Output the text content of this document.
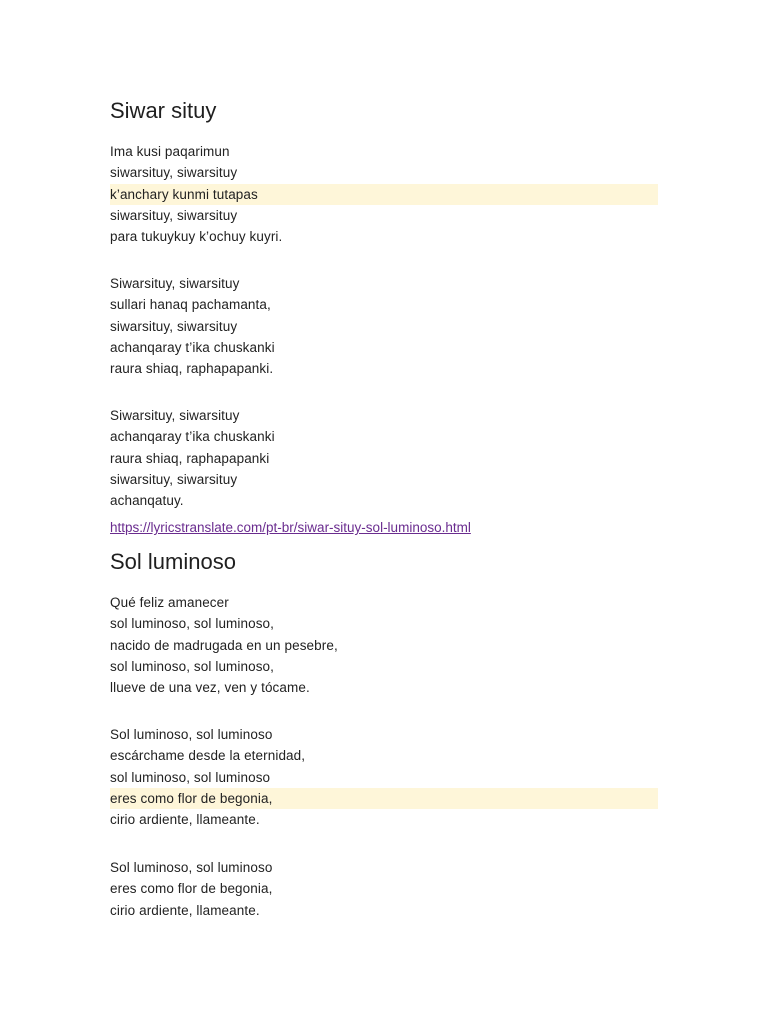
Siwar situy
Ima kusi paqarimun
siwarsituy, siwarsituy
k’anchary kunmi tutapas
siwarsituy, siwarsituy
para tukuykuy k’ochuy kuyri.
Siwarsituy, siwarsituy
sullari hanaq pachamanta,
siwarsituy, siwarsituy
achanqaray t’ika chuskanki
raura shiaq, raphapapanki.
Siwarsituy, siwarsituy
achanqaray t’ika chuskanki
raura shiaq, raphapapanki
siwarsituy, siwarsituy
achanqatuy.
https://lyricstranslate.com/pt-br/siwar-situy-sol-luminoso.html
Sol luminoso
Qué feliz amanecer
sol luminoso, sol luminoso,
nacido de madrugada en un pesebre,
sol luminoso, sol luminoso,
llueve de una vez, ven y tócame.
Sol luminoso, sol luminoso
escárchame desde la eternidad,
sol luminoso, sol luminoso
eres como flor de begonia,
cirio ardiente, llameante.
Sol luminoso, sol luminoso
eres como flor de begonia,
cirio ardiente, llameante.
